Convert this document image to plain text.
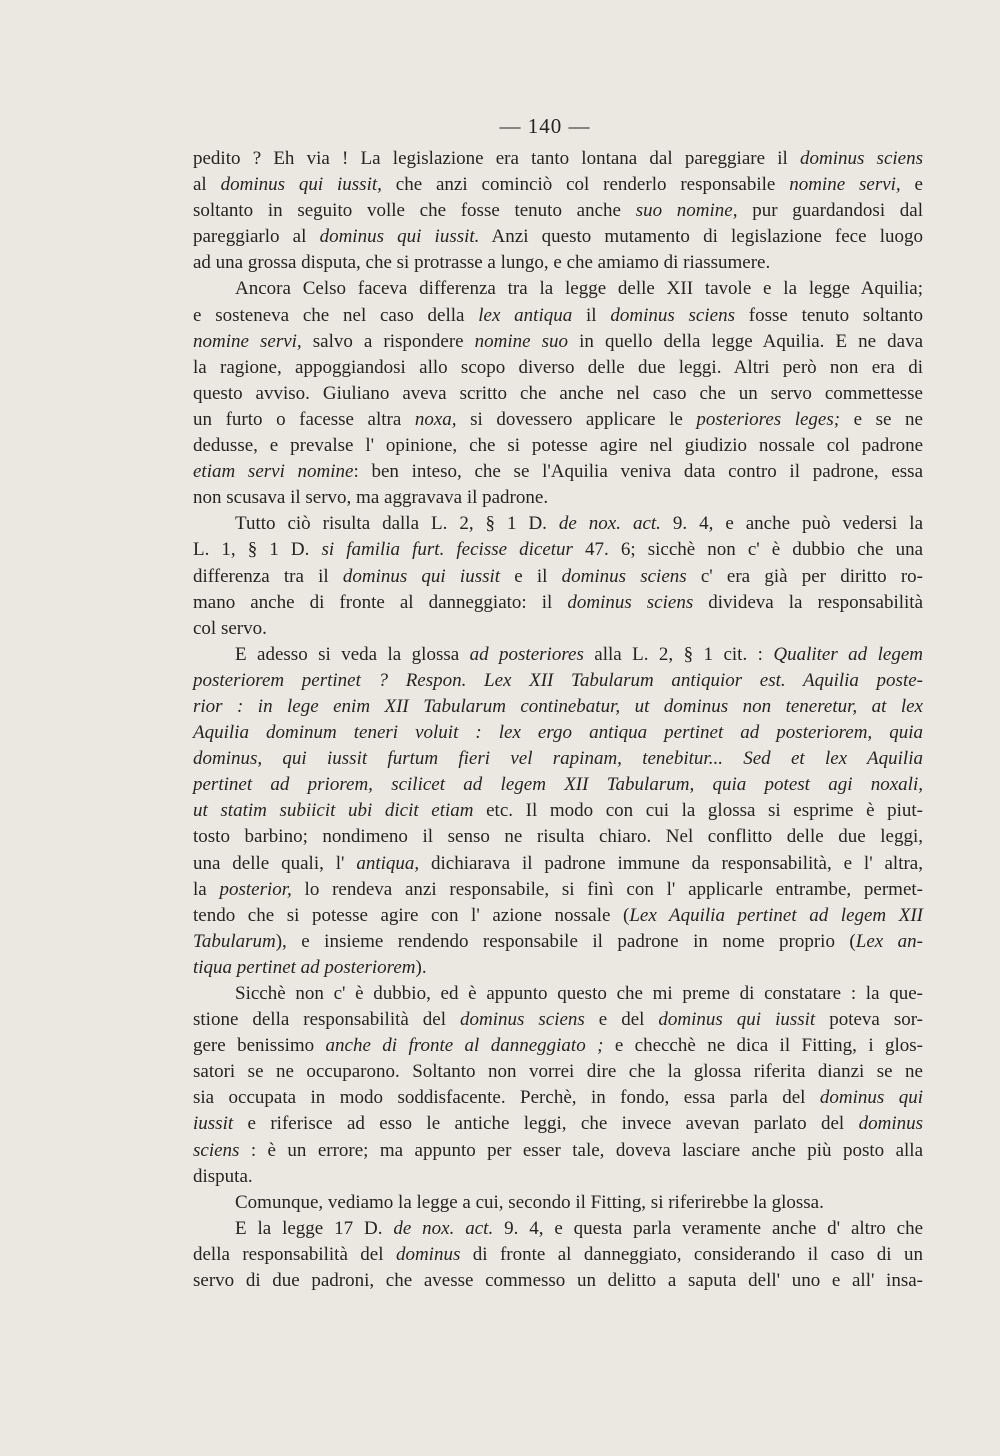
— 140 —
pedito ? Eh via ! La legislazione era tanto lontana dal pareggiare il dominus sciens
al dominus qui iussit, che anzi cominciò col renderlo responsabile nomine servi, e
soltanto in seguito volle che fosse tenuto anche suo nomine, pur guardandosi dal
pareggiarlo al dominus qui iussit. Anzi questo mutamento di legislazione fece luogo
ad una grossa disputa, che si protrasse a lungo, e che amiamo di riassumere.
Ancora Celso faceva differenza tra la legge delle XII tavole e la legge Aquilia;
e sosteneva che nel caso della lex antiqua il dominus sciens fosse tenuto soltanto
nomine servi, salvo a rispondere nomine suo in quello della legge Aquilia. E ne dava
la ragione, appoggiandosi allo scopo diverso delle due leggi. Altri però non era di
questo avviso. Giuliano aveva scritto che anche nel caso che un servo commettesse
un furto o facesse altra noxa, si dovessero applicare le posteriores leges; e se ne
dedusse, e prevalse l' opinione, che si potesse agire nel giudizio nossale col padrone
etiam servi nomine: ben inteso, che se l'Aquilia veniva data contro il padrone, essa
non scusava il servo, ma aggravava il padrone.
Tutto ciò risulta dalla L. 2, § 1 D. de nox. act. 9. 4, e anche può vedersi la
L. 1, § 1 D. si familia furt. fecisse dicetur 47. 6; sicchè non c' è dubbio che una
differenza tra il dominus qui iussit e il dominus sciens c' era già per diritto ro-
mano anche di fronte al danneggiato: il dominus sciens divideva la responsabilità
col servo.
E adesso si veda la glossa ad posteriores alla L. 2, § 1 cit. : Qualiter ad legem
posteriorem pertinet ? Respon. Lex XII Tabularum antiquior est. Aquilia poste-
rior : in lege enim XII Tabularum continebatur, ut dominus non teneretur, at lex
Aquilia dominum teneri voluit : lex ergo antiqua pertinet ad posteriorem, quia
dominus, qui iussit furtum fieri vel rapinam, tenebitur... Sed et lex Aquilia
pertinet ad priorem, scilicet ad legem XII Tabularum, quia potest agi noxali,
ut statim subiicit ubi dicit etiam etc. Il modo con cui la glossa si esprime è piut-
tosto barbino; nondimeno il senso ne risulta chiaro. Nel conflitto delle due leggi,
una delle quali, l' antiqua, dichiarava il padrone immune da responsabilità, e l' altra,
la posterior, lo rendeva anzi responsabile, si finì con l' applicarle entrambe, permet-
tendo che si potesse agire con l' azione nossale (Lex Aquilia pertinet ad legem XII
Tabularum), e insieme rendendo responsabile il padrone in nome proprio (Lex an-
tiqua pertinet ad posteriorem).
Sicchè non c' è dubbio, ed è appunto questo che mi preme di constatare : la que-
stione della responsabilità del dominus sciens e del dominus qui iussit poteva sor-
gere benissimo anche di fronte al danneggiato ; e checchè ne dica il Fitting, i glos-
satori se ne occuparono. Soltanto non vorrei dire che la glossa riferita dianzi se ne
sia occupata in modo soddisfacente. Perchè, in fondo, essa parla del dominus qui
iussit e riferisce ad esso le antiche leggi, che invece avevan parlato del dominus
sciens : è un errore; ma appunto per esser tale, doveva lasciare anche più posto alla
disputa.
Comunque, vediamo la legge a cui, secondo il Fitting, si riferirebbe la glossa.
E la legge 17 D. de nox. act. 9. 4, e questa parla veramente anche d' altro che
della responsabilità del dominus di fronte al danneggiato, considerando il caso di un
servo di due padroni, che avesse commesso un delitto a saputa dell' uno e all' insa-
